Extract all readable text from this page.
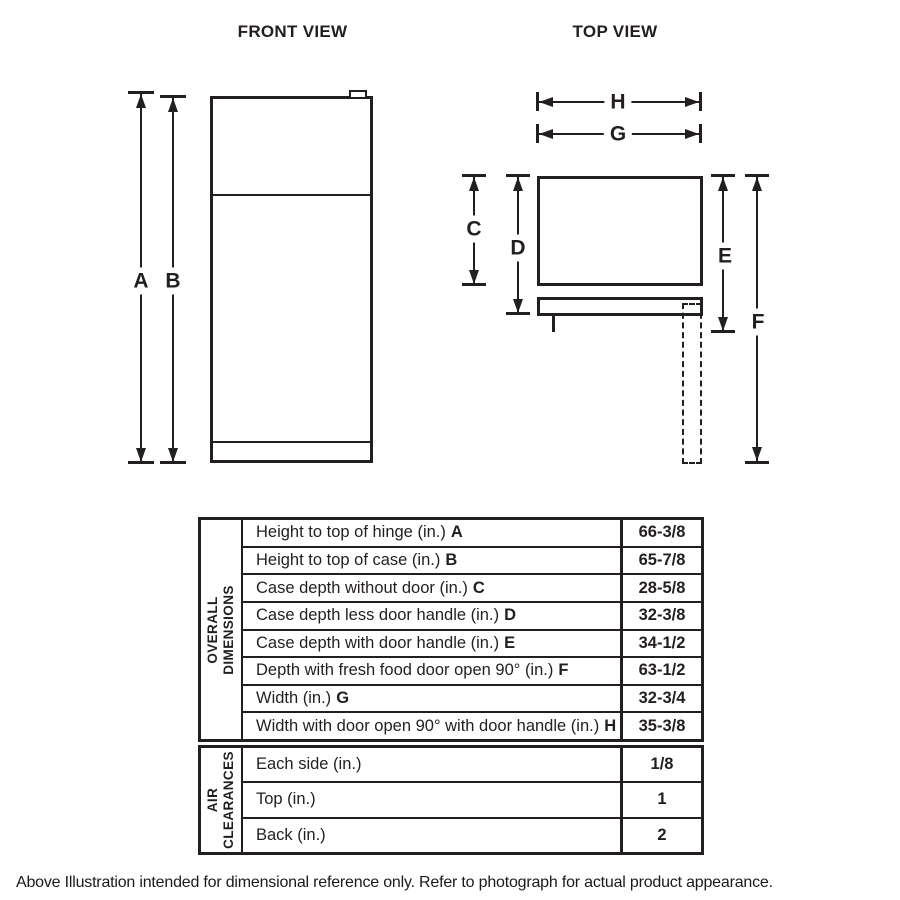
FRONT VIEW	TOP VIEW
A B
H
G
C
D	E
F
OVERALL DIMENSIONS
Height to top of hinge (in.) A	66-3/8
Height to top of case (in.) B	65-7/8
Case depth without door (in.) C	28-5/8
Case depth less door handle (in.) D	32-3/8
Case depth with door handle (in.) E	34-1/2
Depth with fresh food door open 90° (in.) F	63-1/2
Width (in.) G	32-3/4
Width with door open 90° with door handle (in.) H	35-3/8
AIR CLEARANCES Each side (in.)	1/8
Top (in.)	1
Back (in.)	2
Above Illustration intended for dimensional reference only. Refer to photograph for actual product appearance.
